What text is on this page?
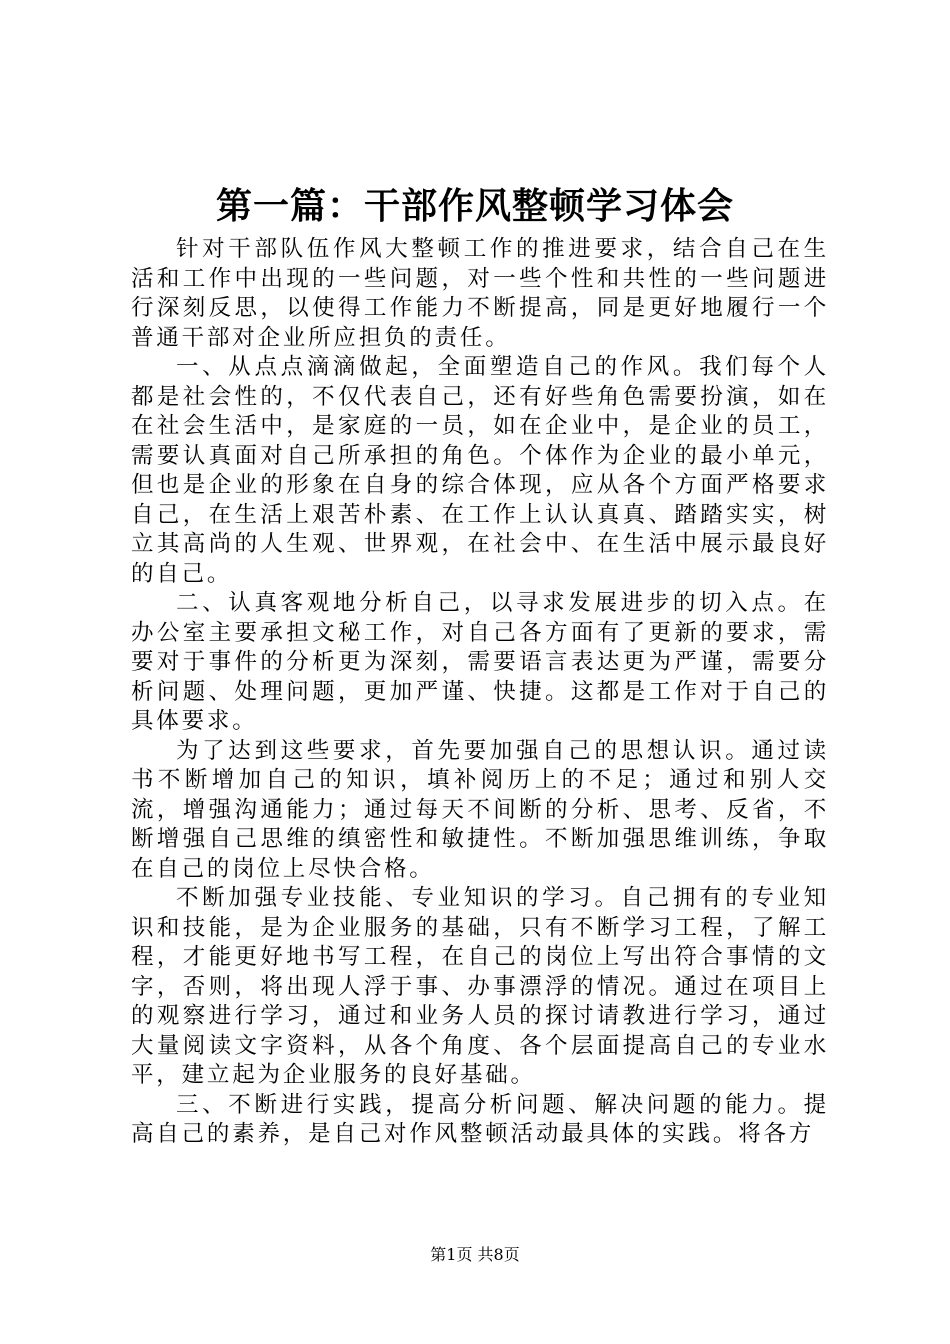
第一篇：干部作风整顿学习体会

针对干部队伍作风大整顿工作的推进要求，结合自己在生活和工作中出现的一些问题，对一些个性和共性的一些问题进行深刻反思，以使得工作能力不断提高，同是更好地履行一个普通干部对企业所应担负的责任。

一、从点点滴滴做起，全面塑造自己的作风。我们每个人都是社会性的，不仅代表自己，还有好些角色需要扮演，如在在社会生活中，是家庭的一员，如在企业中，是企业的员工，需要认真面对自己所承担的角色。个体作为企业的最小单元，但也是企业的形象在自身的综合体现，应从各个方面严格要求自己，在生活上艰苦朴素、在工作上认认真真、踏踏实实，树立其高尚的人生观、世界观，在社会中、在生活中展示最良好的自己。

二、认真客观地分析自己，以寻求发展进步的切入点。在办公室主要承担文秘工作，对自己各方面有了更新的要求，需要对于事件的分析更为深刻，需要语言表达更为严谨，需要分析问题、处理问题，更加严谨、快捷。这都是工作对于自己的具体要求。

为了达到这些要求，首先要加强自己的思想认识。通过读书不断增加自己的知识，填补阅历上的不足；通过和别人交流，增强沟通能力；通过每天不间断的分析、思考、反省，不断增强自己思维的缜密性和敏捷性。不断加强思维训练，争取在自己的岗位上尽快合格。

不断加强专业技能、专业知识的学习。自己拥有的专业知识和技能，是为企业服务的基础，只有不断学习工程，了解工程，才能更好地书写工程，在自己的岗位上写出符合事情的文字，否则，将出现人浮于事、办事漂浮的情况。通过在项目上的观察进行学习，通过和业务人员的探讨请教进行学习，通过大量阅读文字资料，从各个角度、各个层面提高自己的专业水平，建立起为企业服务的良好基础。

三、不断进行实践，提高分析问题、解决问题的能力。提高自己的素养，是自己对作风整顿活动最具体的实践。将各方

第1页 共8页
